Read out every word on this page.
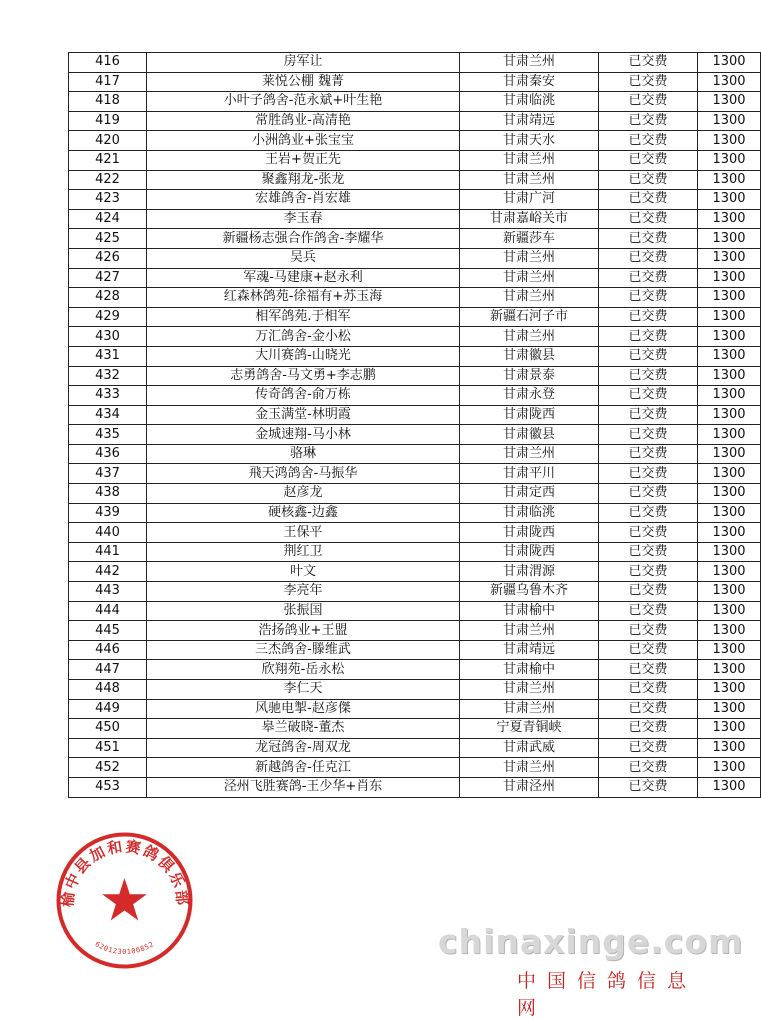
416	房军让	甘肃兰州	已交费	1300
417	莱悦公棚 魏菁	甘肃秦安	已交费	1300
418	小叶子鸽舍-范永斌+叶生艳	甘肃临洮	已交费	1300
419	常胜鸽业-高清艳	甘肃靖远	已交费	1300
420	小洲鸽业+张宝宝	甘肃天水	已交费	1300
421	王岩+贺正先	甘肃兰州	已交费	1300
422	聚鑫翔龙-张龙	甘肃兰州	已交费	1300
423	宏雄鸽舍-肖宏雄	甘肃广河	已交费	1300
424	李玉春	甘肃嘉峪关市	已交费	1300
425	新疆杨志强合作鸽舍-李耀华	新疆莎车	已交费	1300
426	吴兵	甘肃兰州	已交费	1300
427	军魂-马建康+赵永利	甘肃兰州	已交费	1300
428	红森林鸽苑-徐福有+苏玉海	甘肃兰州	已交费	1300
429	相军鸽苑.于相军	新疆石河子市	已交费	1300
430	万汇鸽舍-金小松	甘肃兰州	已交费	1300
431	大川赛鸽-山晓光	甘肃徽县	已交费	1300
432	志勇鸽舍-马文勇+李志鹏	甘肃景泰	已交费	1300
433	传奇鸽舍-俞万栋	甘肃永登	已交费	1300
434	金玉满堂-林明霞	甘肃陇西	已交费	1300
435	金城速翔-马小林	甘肃徽县	已交费	1300
436	骆琳	甘肃兰州	已交费	1300
437	飛天鸿鸽舍-马振华	甘肃平川	已交费	1300
438	赵彦龙	甘肃定西	已交费	1300
439	硬核鑫-边鑫	甘肃临洮	已交费	1300
440	王保平	甘肃陇西	已交费	1300
441	荆红卫	甘肃陇西	已交费	1300
442	叶文	甘肃渭源	已交费	1300
443	李亮年	新疆乌鲁木齐	已交费	1300
444	张振国	甘肃榆中	已交费	1300
445	浩扬鸽业+王盟	甘肃兰州	已交费	1300
446	三杰鸽舍-滕维武	甘肃靖远	已交费	1300
447	欣翔苑-岳永松	甘肃榆中	已交费	1300
448	李仁天	甘肃兰州	已交费	1300
449	风驰电掣-赵彦傑	甘肃兰州	已交费	1300
450	皋兰破晓-董杰	宁夏青铜峡	已交费	1300
451	龙冠鸽舍-周双龙	甘肃武威	已交费	1300
452	新越鸽舍-任克江	甘肃兰州	已交费	1300
453	泾州飞胜赛鸽-王少华+肖东	甘肃泾州	已交费	1300
榆中县加和赛鸽俱乐部
6201230100852	chinaxinge.com
中国信鸽信息网
